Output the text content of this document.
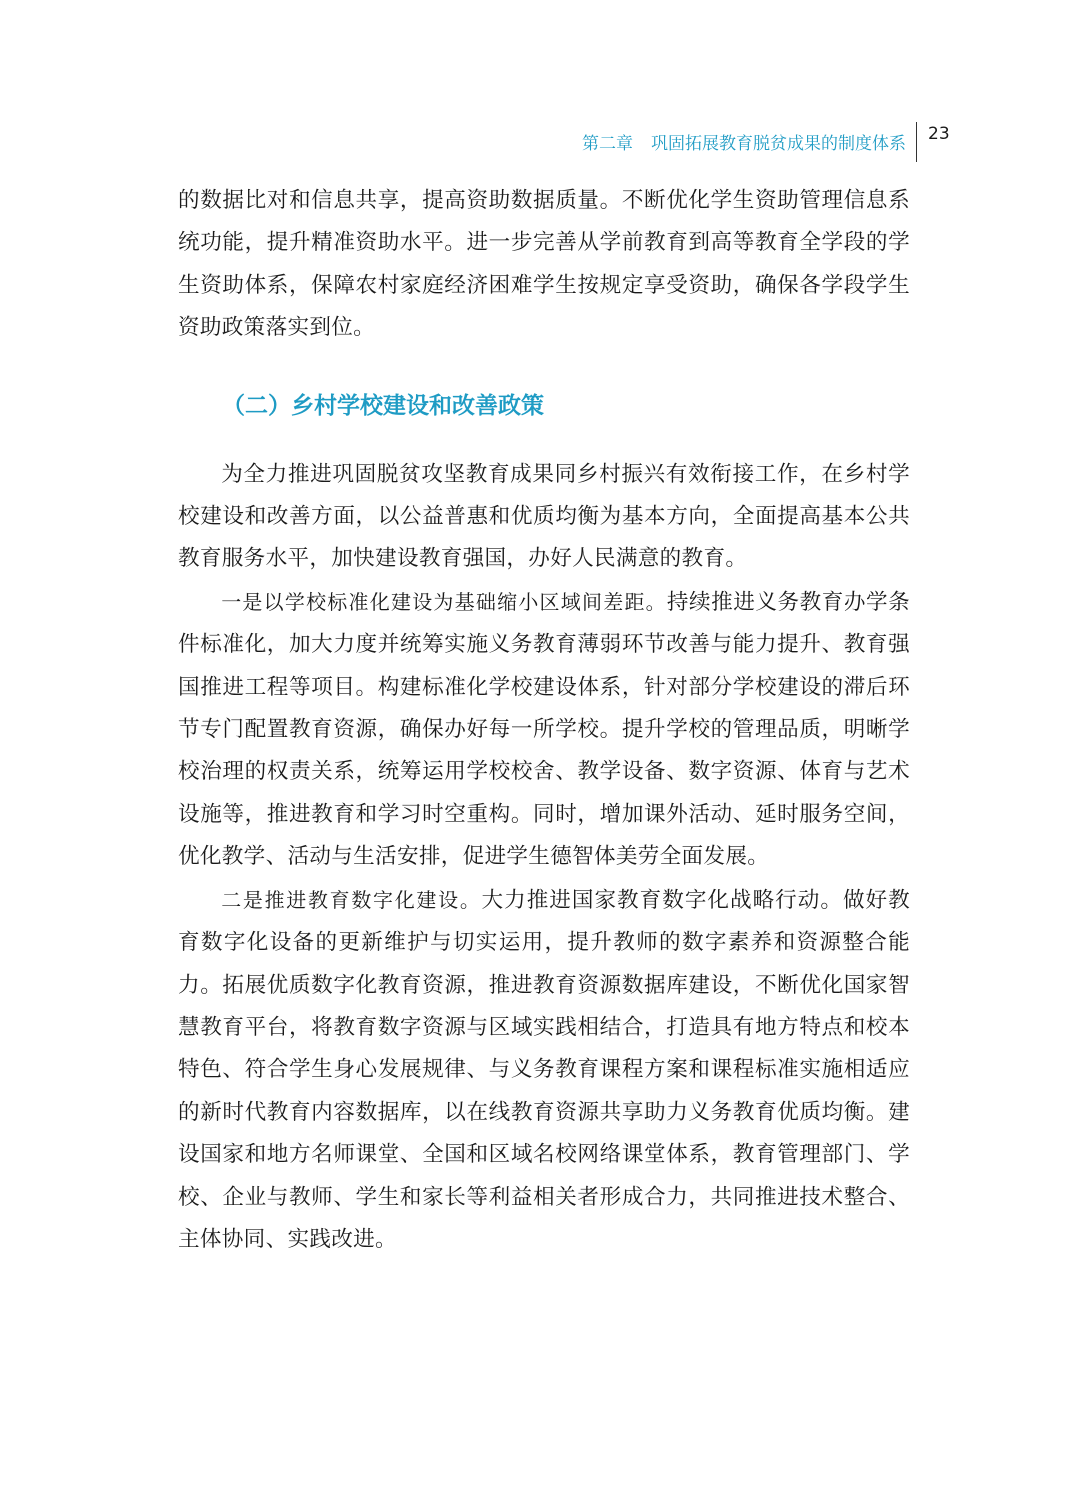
第二章 巩固拓展教育脱贫成果的制度体系 23

的数据比对和信息共享，提高资助数据质量。不断优化学生资助管理信息系统功能，提升精准资助水平。进一步完善从学前教育到高等教育全学段的学生资助体系，保障农村家庭经济困难学生按规定享受资助，确保各学段学生资助政策落实到位。

（二）乡村学校建设和改善政策

为全力推进巩固脱贫攻坚教育成果同乡村振兴有效衔接工作，在乡村学校建设和改善方面，以公益普惠和优质均衡为基本方向，全面提高基本公共教育服务水平，加快建设教育强国，办好人民满意的教育。

一是以学校标准化建设为基础缩小区域间差距。持续推进义务教育办学条件标准化，加大力度并统筹实施义务教育薄弱环节改善与能力提升、教育强国推进工程等项目。构建标准化学校建设体系，针对部分学校建设的滞后环节专门配置教育资源，确保办好每一所学校。提升学校的管理品质，明晰学校治理的权责关系，统筹运用学校校舍、教学设备、数字资源、体育与艺术设施等，推进教育和学习时空重构。同时，增加课外活动、延时服务空间，优化教学、活动与生活安排，促进学生德智体美劳全面发展。

二是推进教育数字化建设。大力推进国家教育数字化战略行动。做好教育数字化设备的更新维护与切实运用，提升教师的数字素养和资源整合能力。拓展优质数字化教育资源，推进教育资源数据库建设，不断优化国家智慧教育平台，将教育数字资源与区域实践相结合，打造具有地方特点和校本特色、符合学生身心发展规律、与义务教育课程方案和课程标准实施相适应的新时代教育内容数据库，以在线教育资源共享助力义务教育优质均衡。建设国家和地方名师课堂、全国和区域名校网络课堂体系，教育管理部门、学校、企业与教师、学生和家长等利益相关者形成合力，共同推进技术整合、主体协同、实践改进。
